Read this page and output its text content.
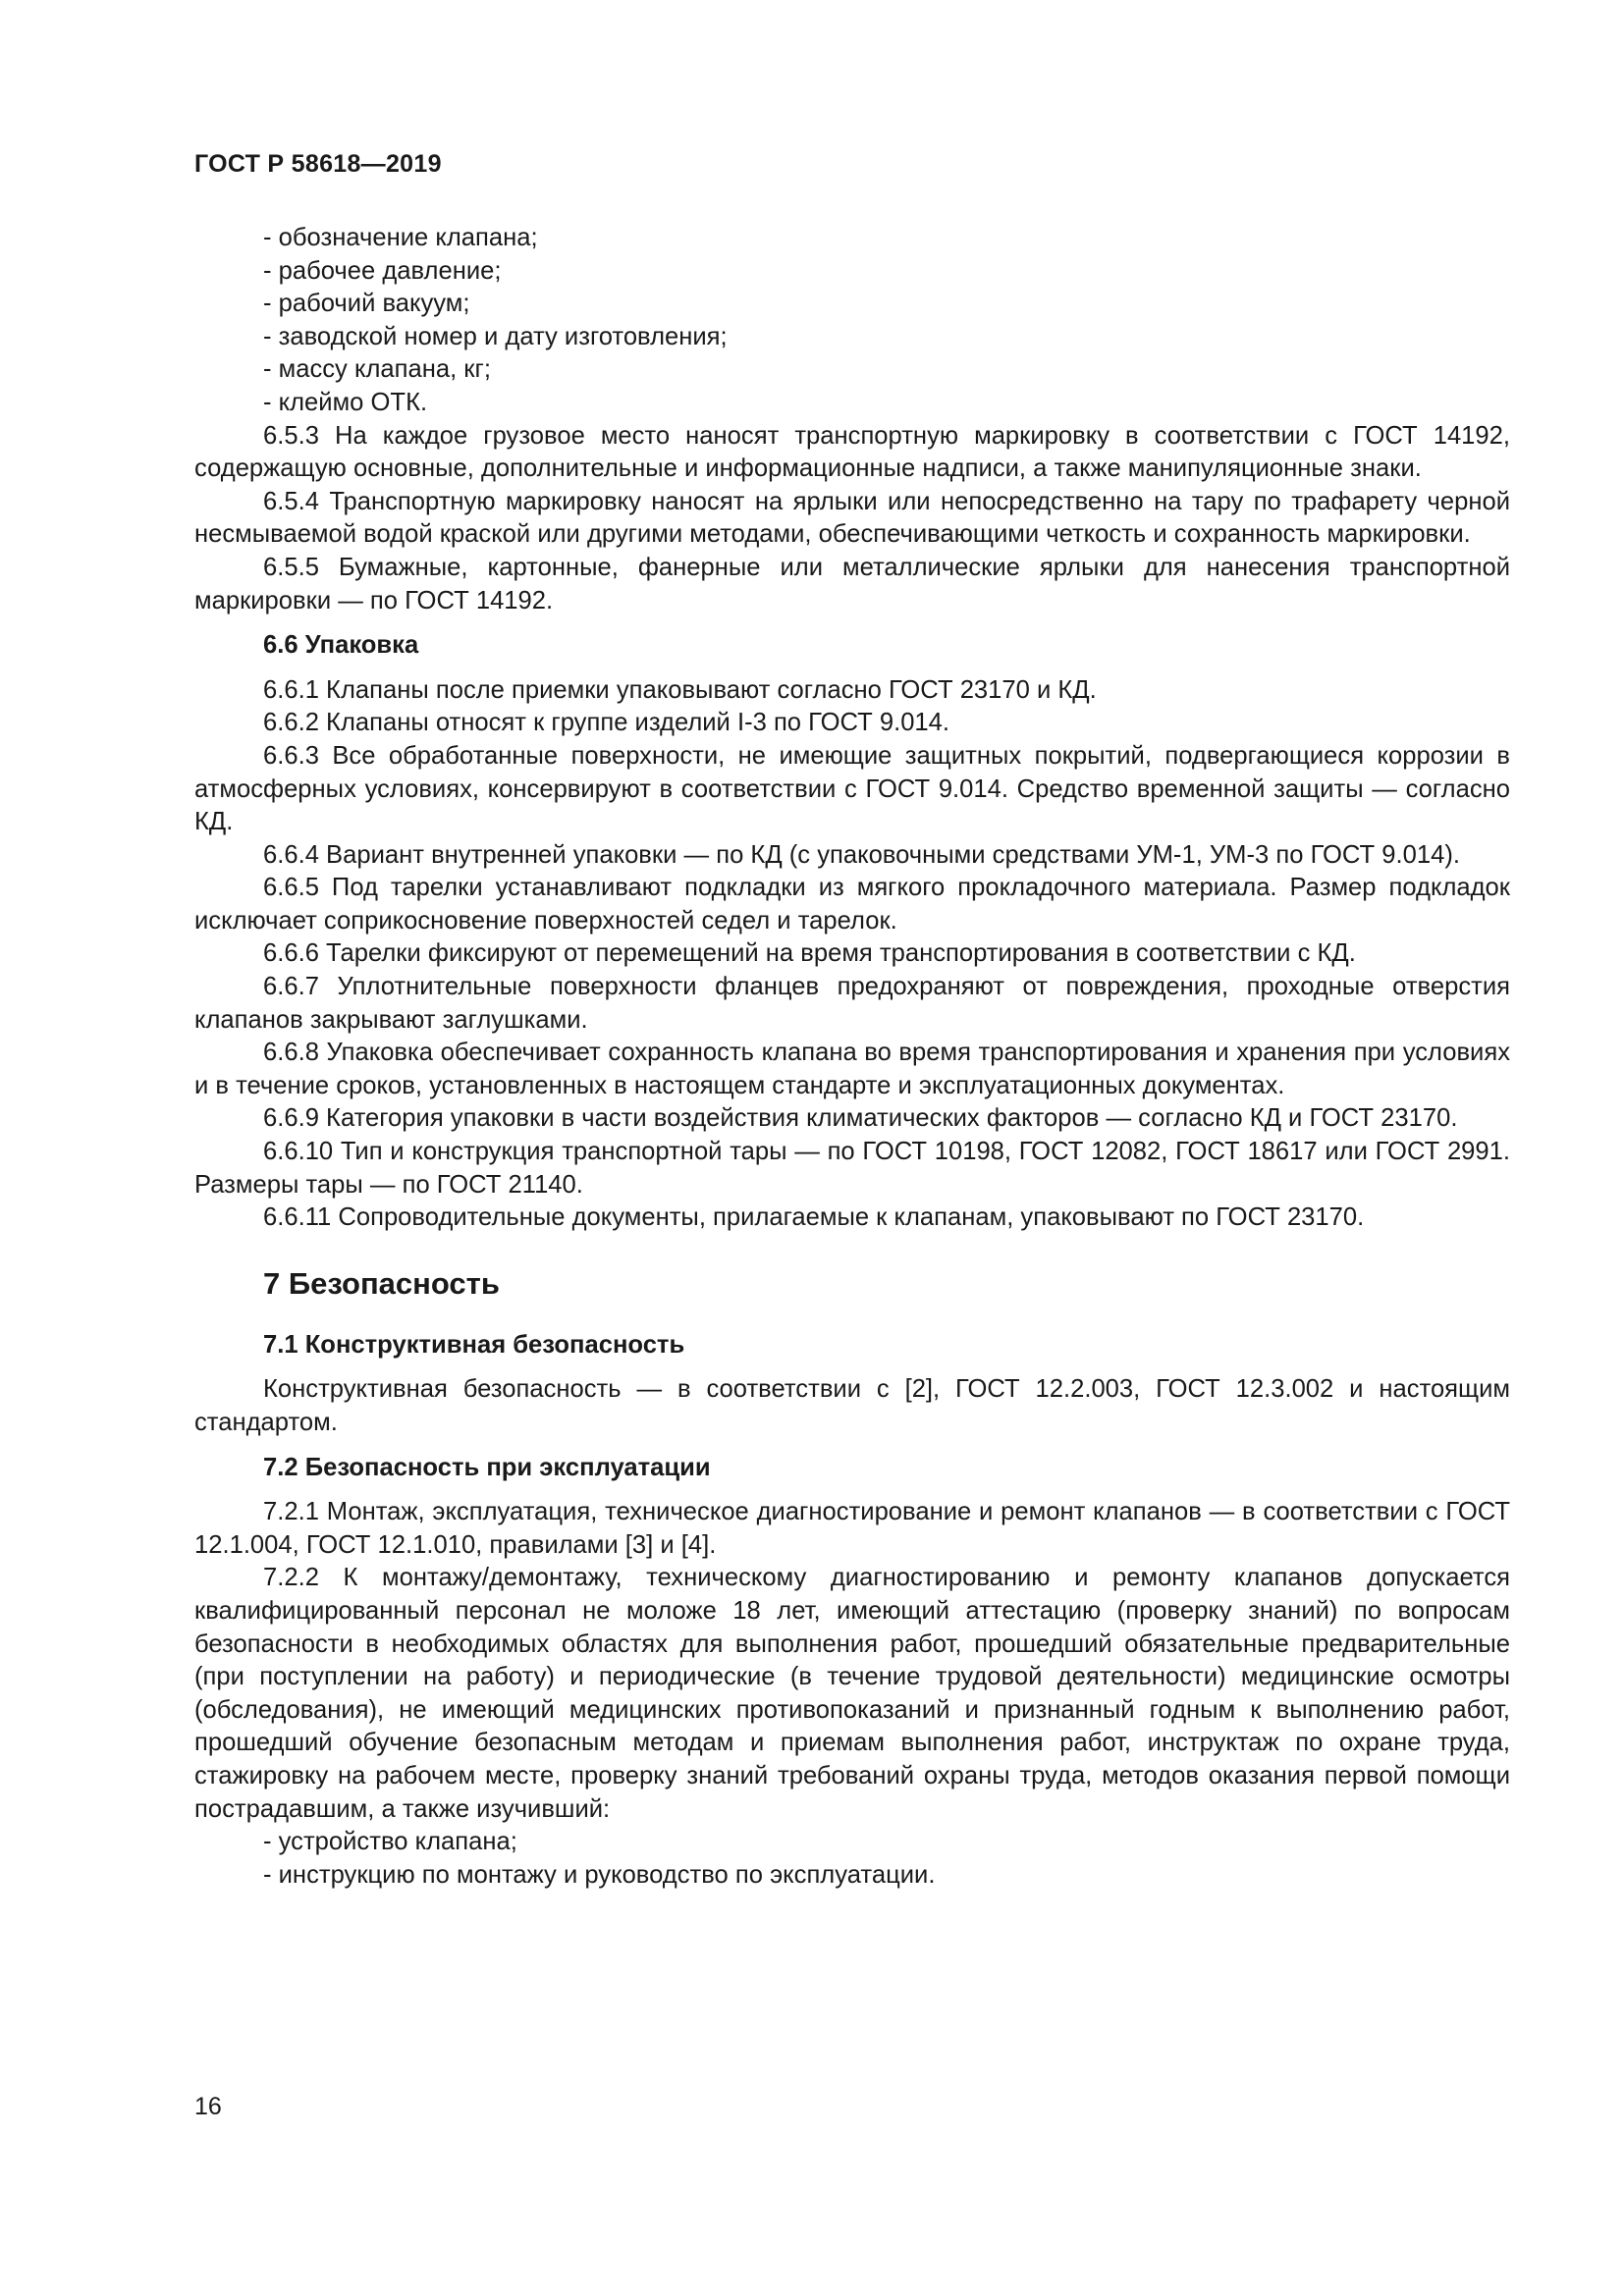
ГОСТ Р 58618—2019
- обозначение клапана;
- рабочее давление;
- рабочий вакуум;
- заводской номер и дату изготовления;
- массу клапана, кг;
- клеймо ОТК.

6.5.3 На каждое грузовое место наносят транспортную маркировку в соответствии с ГОСТ 14192, содержащую основные, дополнительные и информационные надписи, а также манипуляционные знаки.

6.5.4 Транспортную маркировку наносят на ярлыки или непосредственно на тару по трафарету черной несмываемой водой краской или другими методами, обеспечивающими четкость и сохранность маркировки.

6.5.5 Бумажные, картонные, фанерные или металлические ярлыки для нанесения транспортной маркировки — по ГОСТ 14192.

6.6 Упаковка

6.6.1 Клапаны после приемки упаковывают согласно ГОСТ 23170 и КД.

6.6.2 Клапаны относят к группе изделий I-3 по ГОСТ 9.014.

6.6.3 Все обработанные поверхности, не имеющие защитных покрытий, подвергающиеся коррозии в атмосферных условиях, консервируют в соответствии с ГОСТ 9.014. Средство временной защиты — согласно КД.

6.6.4 Вариант внутренней упаковки — по КД (с упаковочными средствами УМ-1, УМ-3 по ГОСТ 9.014).

6.6.5 Под тарелки устанавливают подкладки из мягкого прокладочного материала. Размер подкладок исключает соприкосновение поверхностей седел и тарелок.

6.6.6 Тарелки фиксируют от перемещений на время транспортирования в соответствии с КД.

6.6.7 Уплотнительные поверхности фланцев предохраняют от повреждения, проходные отверстия клапанов закрывают заглушками.

6.6.8 Упаковка обеспечивает сохранность клапана во время транспортирования и хранения при условиях и в течение сроков, установленных в настоящем стандарте и эксплуатационных документах.

6.6.9 Категория упаковки в части воздействия климатических факторов — согласно КД и ГОСТ 23170.

6.6.10 Тип и конструкция транспортной тары — по ГОСТ 10198, ГОСТ 12082, ГОСТ 18617 или ГОСТ 2991. Размеры тары — по ГОСТ 21140.

6.6.11 Сопроводительные документы, прилагаемые к клапанам, упаковывают по ГОСТ 23170.

7 Безопасность
7.1 Конструктивная безопасность

Конструктивная безопасность — в соответствии с [2], ГОСТ 12.2.003, ГОСТ 12.3.002 и настоящим стандартом.

7.2 Безопасность при эксплуатации

7.2.1 Монтаж, эксплуатация, техническое диагностирование и ремонт клапанов — в соответствии с ГОСТ 12.1.004, ГОСТ 12.1.010, правилами [3] и [4].

7.2.2 К монтажу/демонтажу, техническому диагностированию и ремонту клапанов допускается квалифицированный персонал не моложе 18 лет, имеющий аттестацию (проверку знаний) по вопросам безопасности в необходимых областях для выполнения работ, прошедший обязательные предварительные (при поступлении на работу) и периодические (в течение трудовой деятельности) медицинские осмотры (обследования), не имеющий медицинских противопоказаний и признанный годным к выполнению работ, прошедший обучение безопасным методам и приемам выполнения работ, инструктаж по охране труда, стажировку на рабочем месте, проверку знаний требований охраны труда, методов оказания первой помощи пострадавшим, а также изучивший:

- устройство клапана;
- инструкцию по монтажу и руководство по эксплуатации.
16
